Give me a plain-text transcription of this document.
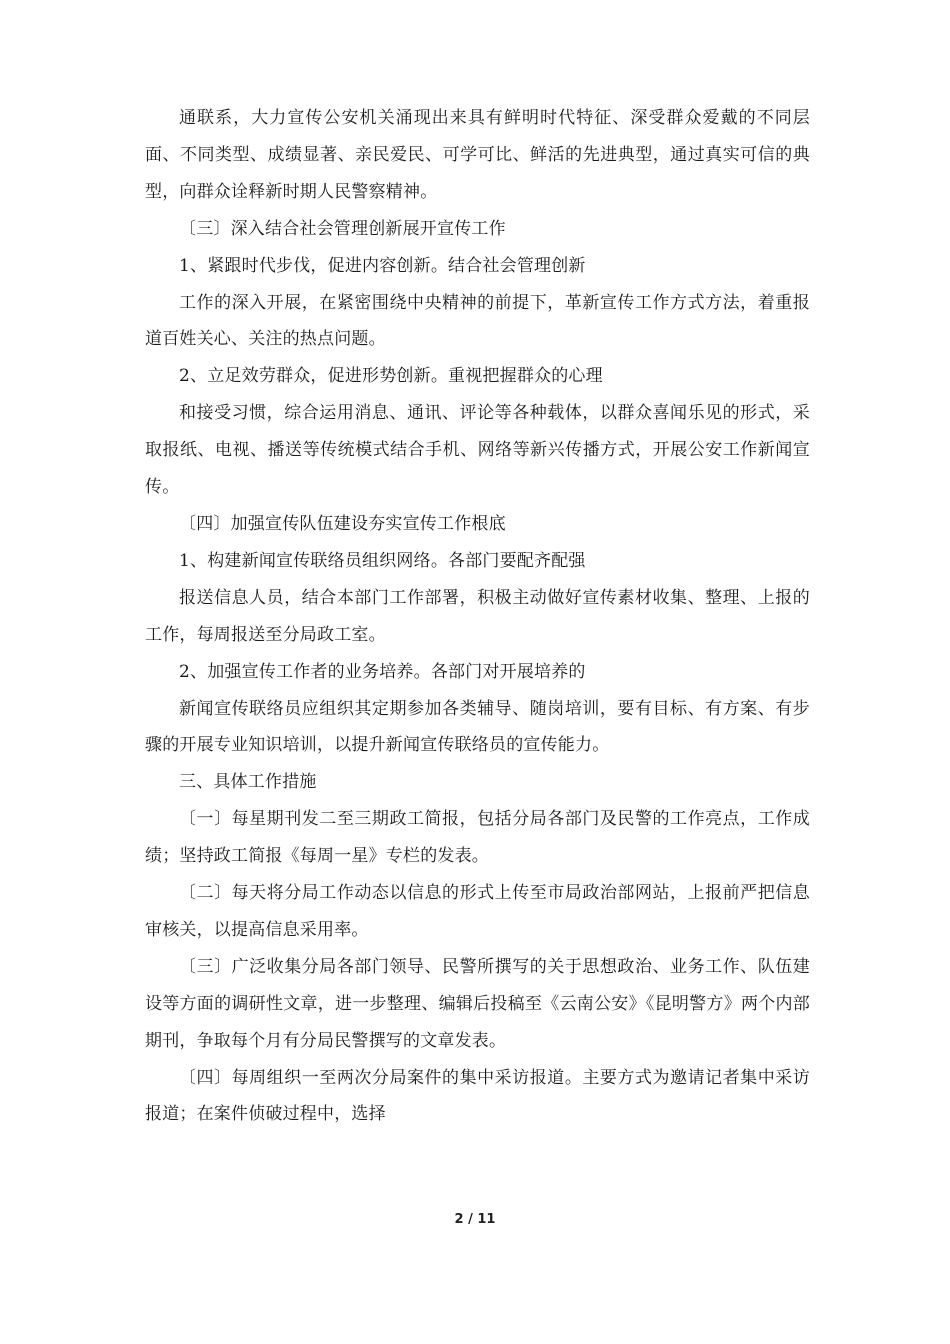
通联系，大力宣传公安机关涌现出来具有鲜明时代特征、深受群众爱戴的不同层面、不同类型、成绩显著、亲民爱民、可学可比、鲜活的先进典型，通过真实可信的典型，向群众诠释新时期人民警察精神。

〔三〕深入结合社会管理创新展开宣传工作

1、紧跟时代步伐，促进内容创新。结合社会管理创新

工作的深入开展，在紧密围绕中央精神的前提下，革新宣传工作方式方法，着重报道百姓关心、关注的热点问题。

2、立足效劳群众，促进形势创新。重视把握群众的心理

和接受习惯，综合运用消息、通讯、评论等各种载体，以群众喜闻乐见的形式，采取报纸、电视、播送等传统模式结合手机、网络等新兴传播方式，开展公安工作新闻宣传。

〔四〕加强宣传队伍建设夯实宣传工作根底

1、构建新闻宣传联络员组织网络。各部门要配齐配强

报送信息人员，结合本部门工作部署，积极主动做好宣传素材收集、整理、上报的工作，每周报送至分局政工室。

2、加强宣传工作者的业务培养。各部门对开展培养的

新闻宣传联络员应组织其定期参加各类辅导、随岗培训，要有目标、有方案、有步骤的开展专业知识培训，以提升新闻宣传联络员的宣传能力。

三、具体工作措施

〔一〕每星期刊发二至三期政工简报，包括分局各部门及民警的工作亮点，工作成绩；坚持政工简报《每周一星》专栏的发表。

〔二〕每天将分局工作动态以信息的形式上传至市局政治部网站，上报前严把信息审核关，以提高信息采用率。

〔三〕广泛收集分局各部门领导、民警所撰写的关于思想政治、业务工作、队伍建设等方面的调研性文章，进一步整理、编辑后投稿至《云南公安》《昆明警方》两个内部期刊，争取每个月有分局民警撰写的文章发表。

〔四〕每周组织一至两次分局案件的集中采访报道。主要方式为邀请记者集中采访报道；在案件侦破过程中，选择

2 / 11
